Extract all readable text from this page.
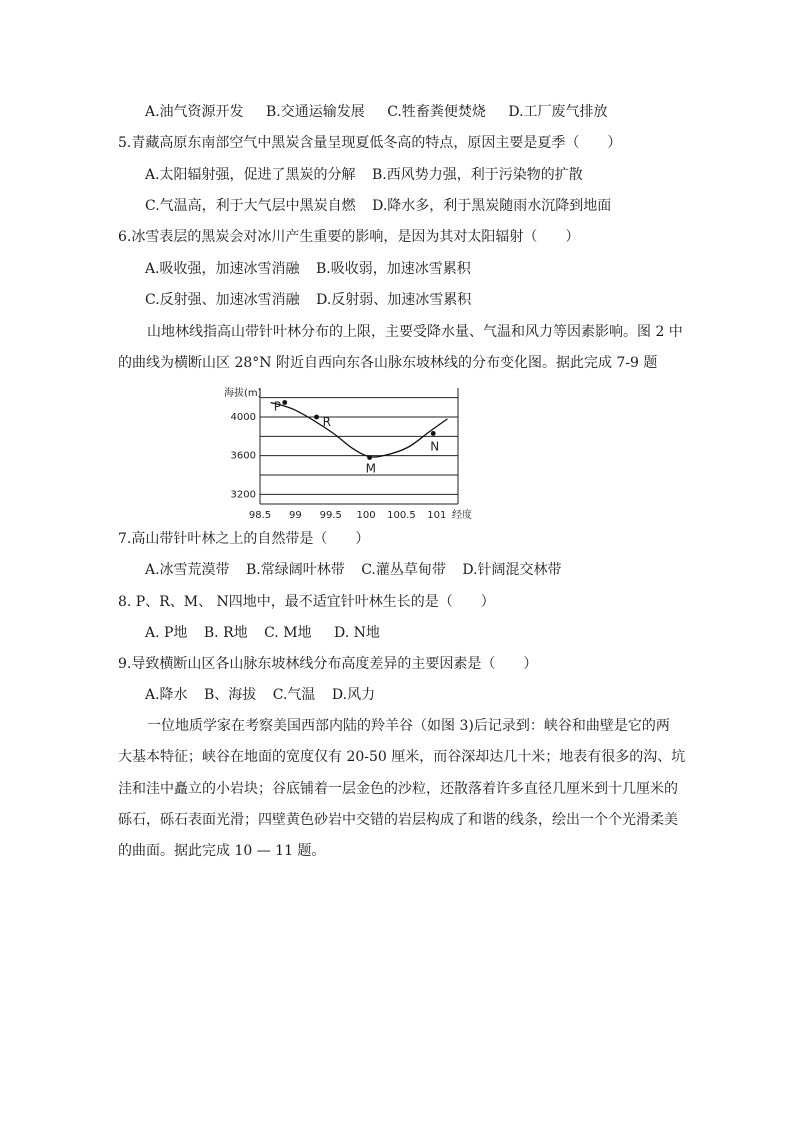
A.油气资源开发 B.交通运输发展 C.牲畜粪便焚烧 D.工厂废气排放
5.青藏高原东南部空气中黑炭含量呈现夏低冬高的特点，原因主要是夏季（　　）
A.太阳辐射强，促进了黑炭的分解 B.西风势力强，利于污染物的扩散
C.气温高，利于大气层中黑炭自燃 D.降水多，利于黑炭随雨水沉降到地面
6.冰雪表层的黑炭会对冰川产生重要的影响，是因为其对太阳辐射（　　）
A.吸收强，加速冰雪消融 B.吸收弱，加速冰雪累积
C.反射强、加速冰雪消融 D.反射弱、加速冰雪累积
山地林线指高山带针叶林分布的上限，主要受降水量、气温和风力等因素影响。图 2 中
的曲线为横断山区 28°N 附近自西向东各山脉东坡林线的分布变化图。据此完成 7-9 题
海拔(m)
经度
4000
3600
3200
98.5 99 99.5 100 100.5 101
P
R
M
N
7.高山带针叶林之上的自然带是（　　）
A.冰雪荒漠带 B.常绿阔叶林带 C.灌丛草甸带 D.针阔混交林带
8. P、R、M、 N四地中，最不适宜针叶林生长的是（　　）
A. P地 B. R地 C. M地 D. N地
9.导致横断山区各山脉东坡林线分布高度差异的主要因素是（　　）
A.降水 B、海拔 C.气温 D.风力
一位地质学家在考察美国西部内陆的羚羊谷（如图 3)后记录到：峡谷和曲壁是它的两
大基本特征；峡谷在地面的宽度仅有 20-50 厘米，而谷深却达几十米；地表有很多的沟、坑
洼和洼中矗立的小岩块；谷底铺着一层金色的沙粒，还散落着许多直径几厘米到十几厘米的
砾石，砾石表面光滑；四壁黄色砂岩中交错的岩层构成了和谐的线条，绘出一个个光滑柔美
的曲面。据此完成 10 — 11 题。
